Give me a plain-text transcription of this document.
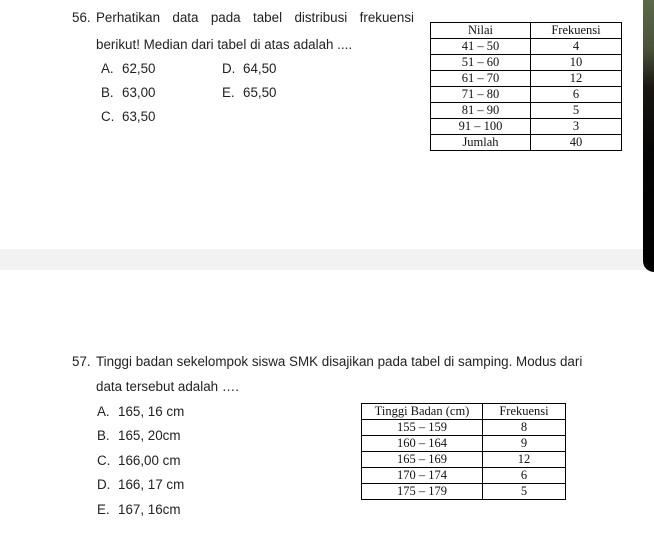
56. Perhatikan data pada tabel distribusi frekuensi
berikut! Median dari tabel di atas adalah ....
A. 62,50
B. 63,00
C. 63,50
D. 64,50
E. 65,50
Nilai	Frekuensi
41 – 50	4
51 – 60	10
61 – 70	12
71 – 80	6
81 – 90	5
91 – 100	3
Jumlah	40
57. Tinggi badan sekelompok siswa SMK disajikan pada tabel di samping. Modus dari
data tersebut adalah ….
A. 165, 16 cm
B. 165, 20cm
C. 166,00 cm
D. 166, 17 cm
E. 167, 16cm
Tinggi Badan (cm)	Frekuensi
155 – 159	8
160 – 164	9
165 – 169	12
170 – 174	6
175 – 179	5
